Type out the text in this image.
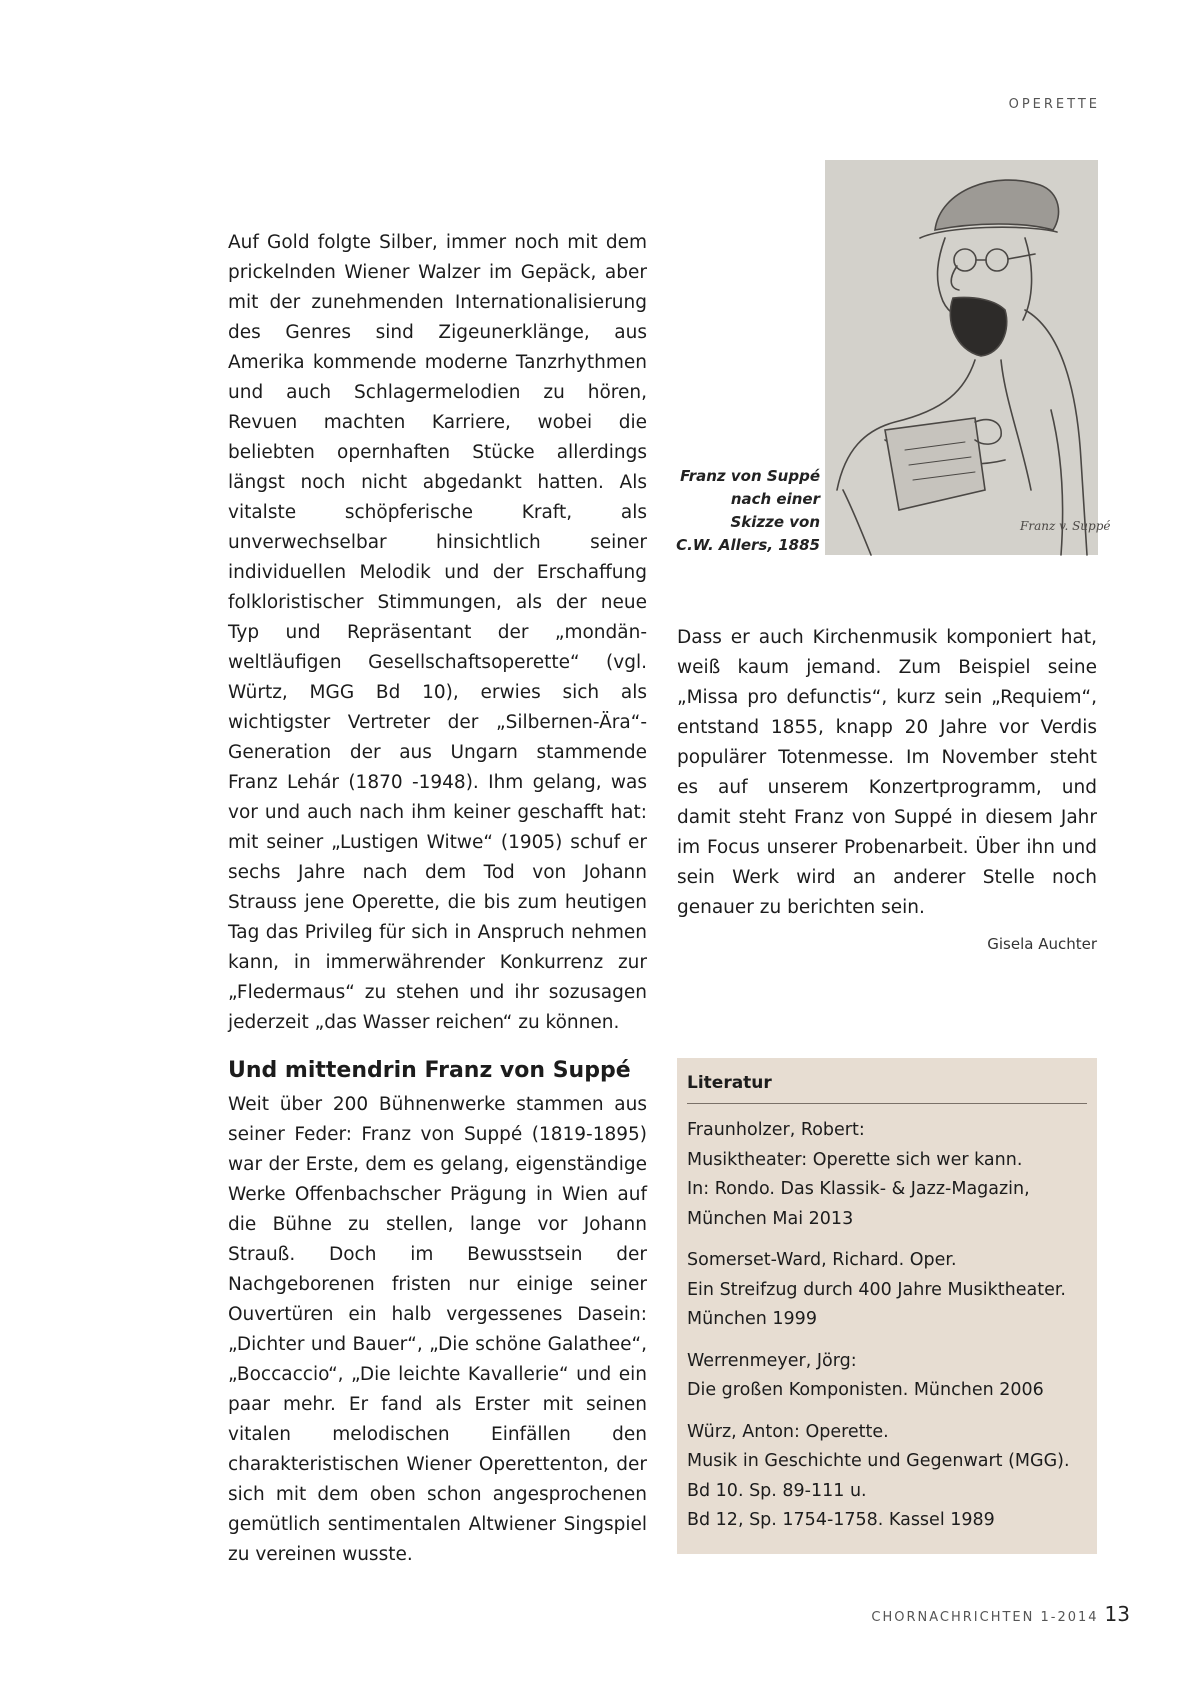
OPERETTE

Auf Gold folgte Silber, immer noch mit dem prickelnden Wiener Walzer im Gepäck, aber mit der zunehmenden Internationalisierung des Genres sind Zigeunerklänge, aus Amerika kommende moderne Tanzrhythmen und auch Schlagermelodien zu hören, Revuen machten Karriere, wobei die beliebten opernhaften Stücke allerdings längst noch nicht abgedankt hatten. Als vitalste schöpferische Kraft, als unverwechselbar hinsichtlich seiner individuellen Melodik und der Erschaffung folkloristischer Stimmungen, als der neue Typ und Repräsentant der „mondän-weltläufigen Gesellschaftsoperette“ (vgl. Würtz, MGG Bd 10), erwies sich als wichtigster Vertreter der „Silbernen-Ära“-Generation der aus Ungarn stammende Franz Lehár (1870 -1948). Ihm gelang, was vor und auch nach ihm keiner geschafft hat: mit seiner „Lustigen Witwe“ (1905) schuf er sechs Jahre nach dem Tod von Johann Strauss jene Operette, die bis zum heutigen Tag das Privileg für sich in Anspruch nehmen kann, in immerwährender Konkurrenz zur „Fledermaus“ zu stehen und ihr sozusagen jederzeit „das Wasser reichen“ zu können.

Und mittendrin Franz von Suppé

Weit über 200 Bühnenwerke stammen aus seiner Feder: Franz von Suppé (1819-1895) war der Erste, dem es gelang, eigenständige Werke Offenbachscher Prägung in Wien auf die Bühne zu stellen, lange vor Johann Strauß. Doch im Bewusstsein der Nachgeborenen fristen nur einige seiner Ouvertüren ein halb vergessenes Dasein: „Dichter und Bauer“, „Die schöne Galathee“, „Boccaccio“, „Die leichte Kavallerie“ und ein paar mehr. Er fand als Erster mit seinen vitalen melodischen Einfällen den charakteristischen Wiener Operettenton, der sich mit dem oben schon angesprochenen gemütlich sentimentalen Altwiener Singspiel zu vereinen wusste.

Franz v. Suppé
Franz von Suppé
nach einer
Skizze von
C.W. Allers, 1885

Dass er auch Kirchenmusik komponiert hat, weiß kaum jemand. Zum Beispiel seine „Missa pro defunctis“, kurz sein „Requiem“, entstand 1855, knapp 20 Jahre vor Verdis populärer Totenmesse. Im November steht es auf unserem Konzertprogramm, und damit steht Franz von Suppé in diesem Jahr im Focus unserer Probenarbeit. Über ihn und sein Werk wird an anderer Stelle noch genauer zu berichten sein.

Gisela Auchter
Literatur
Fraunholzer, Robert:
Musiktheater: Operette sich wer kann.
In: Rondo. Das Klassik- & Jazz-Magazin,
München Mai 2013
Somerset-Ward, Richard. Oper.
Ein Streifzug durch 400 Jahre Musiktheater.
München 1999
Werrenmeyer, Jörg:
Die großen Komponisten. München 2006
Würz, Anton: Operette.
Musik in Geschichte und Gegenwart (MGG).
Bd 10. Sp. 89-111 u.
Bd 12, Sp. 1754-1758. Kassel 1989
CHORNACHRICHTEN 1-2014 13
